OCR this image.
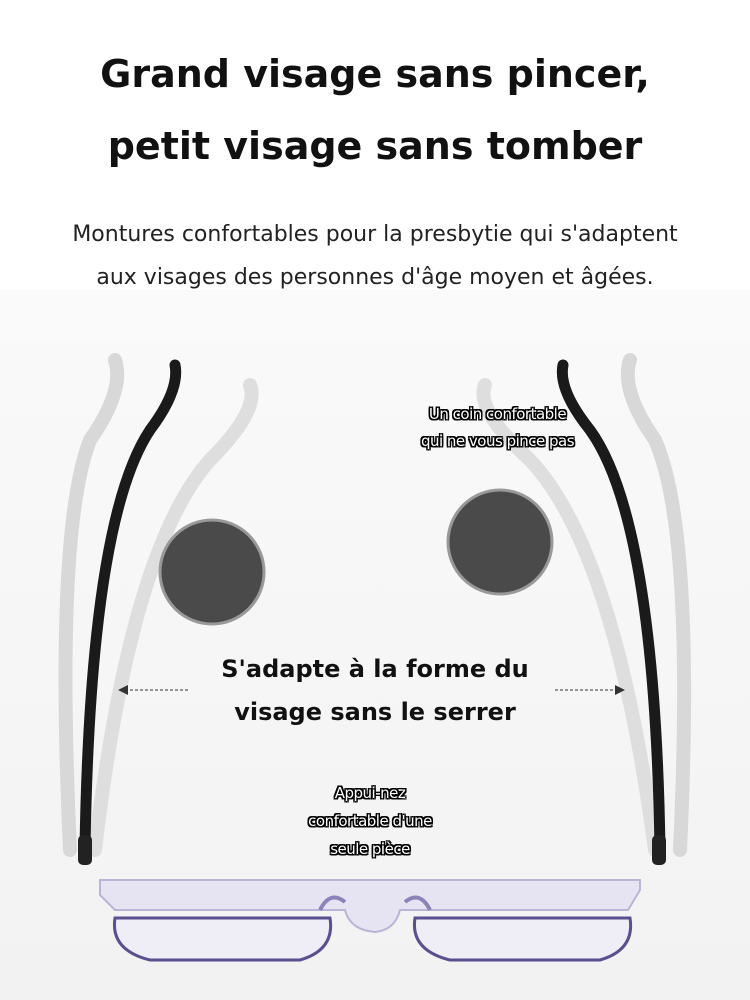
Grand visage sans pincer,
petit visage sans tomber
Montures confortables pour la presbytie qui s'adaptent
aux visages des personnes d'âge moyen et âgées.
Un coin confortable
qui ne vous pince pas
S'adapte à la forme du
visage sans le serrer
Appui-nez
confortable d'une
seule pièce
